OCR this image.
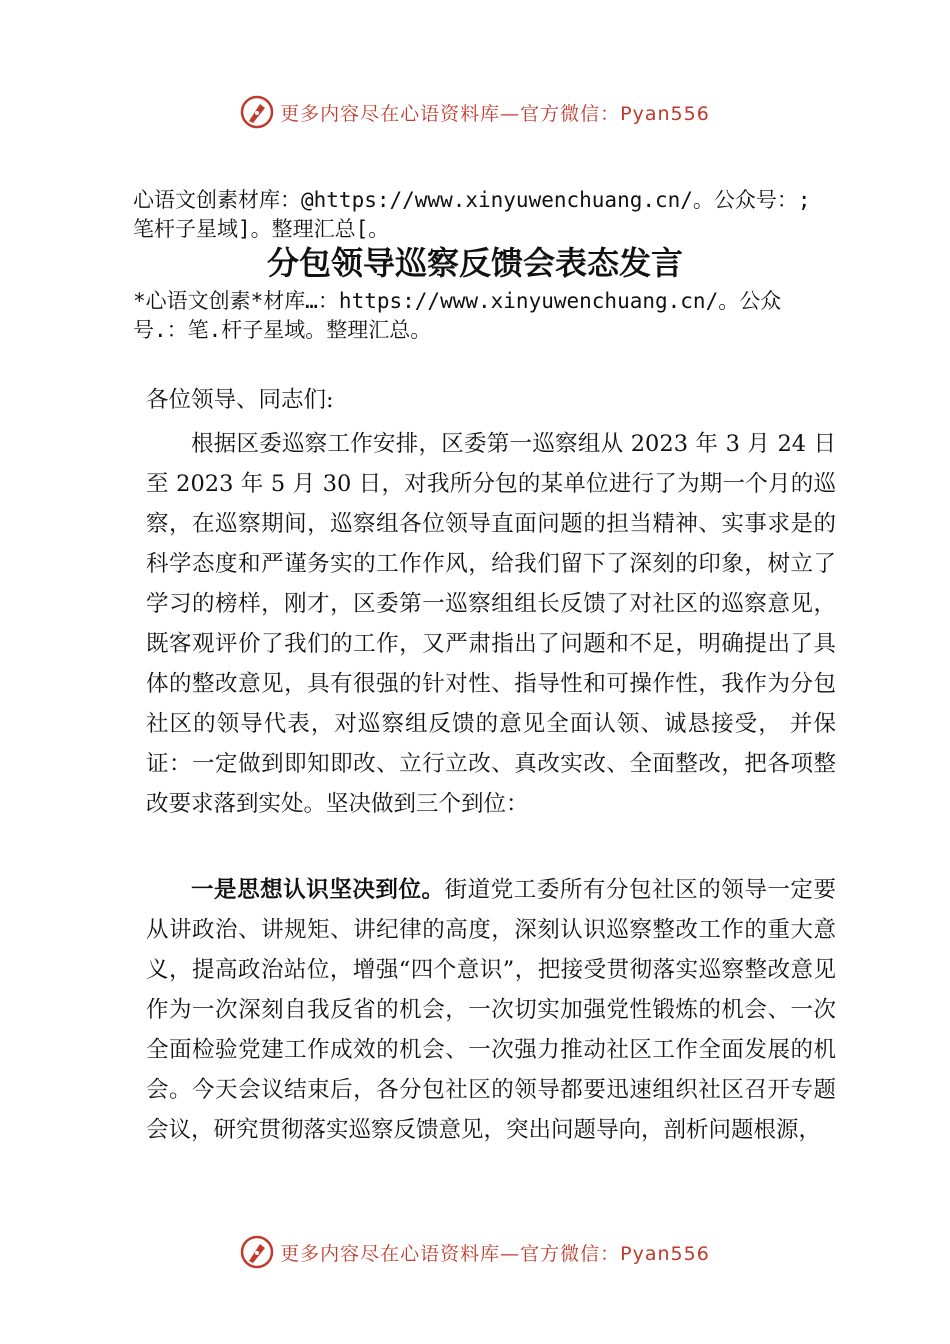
更多内容尽在心语资料库—官方微信：Pyan556

心语文创素材库：@https://www.xinyuwenchuang.cn/。公众号：;笔杆子星域]。整理汇总[。

分包领导巡察反馈会表态发言

*心语文创素*材库…：https://www.xinyuwenchuang.cn/。公众号.：笔.杆子星域。整理汇总。

各位领导、同志们:

根据区委巡察工作安排，区委第一巡察组从 2023 年 3 月 24 日至 2023 年 5 月 30 日，对我所分包的某单位进行了为期一个月的巡察，在巡察期间，巡察组各位领导直面问题的担当精神、实事求是的科学态度和严谨务实的工作作风，给我们留下了深刻的印象，树立了学习的榜样，刚才，区委第一巡察组组长反馈了对社区的巡察意见，既客观评价了我们的工作，又严肃指出了问题和不足，明确提出了具体的整改意见，具有很强的针对性、指导性和可操作性，我作为分包社区的领导代表，对巡察组反馈的意见全面认领、诚恳接受， 并保证：一定做到即知即改、立行立改、真改实改、全面整改，把各项整改要求落到实处。坚决做到三个到位：

一是思想认识坚决到位。街道党工委所有分包社区的领导一定要从讲政治、讲规矩、讲纪律的高度，深刻认识巡察整改工作的重大意义，提高政治站位，增强“四个意识”，把接受贯彻落实巡察整改意见作为一次深刻自我反省的机会，一次切实加强党性锻炼的机会、一次全面检验党建工作成效的机会、一次强力推动社区工作全面发展的机会。今天会议结束后，各分包社区的领导都要迅速组织社区召开专题会议，研究贯彻落实巡察反馈意见，突出问题导向，剖析问题根源，

更多内容尽在心语资料库—官方微信：Pyan556
